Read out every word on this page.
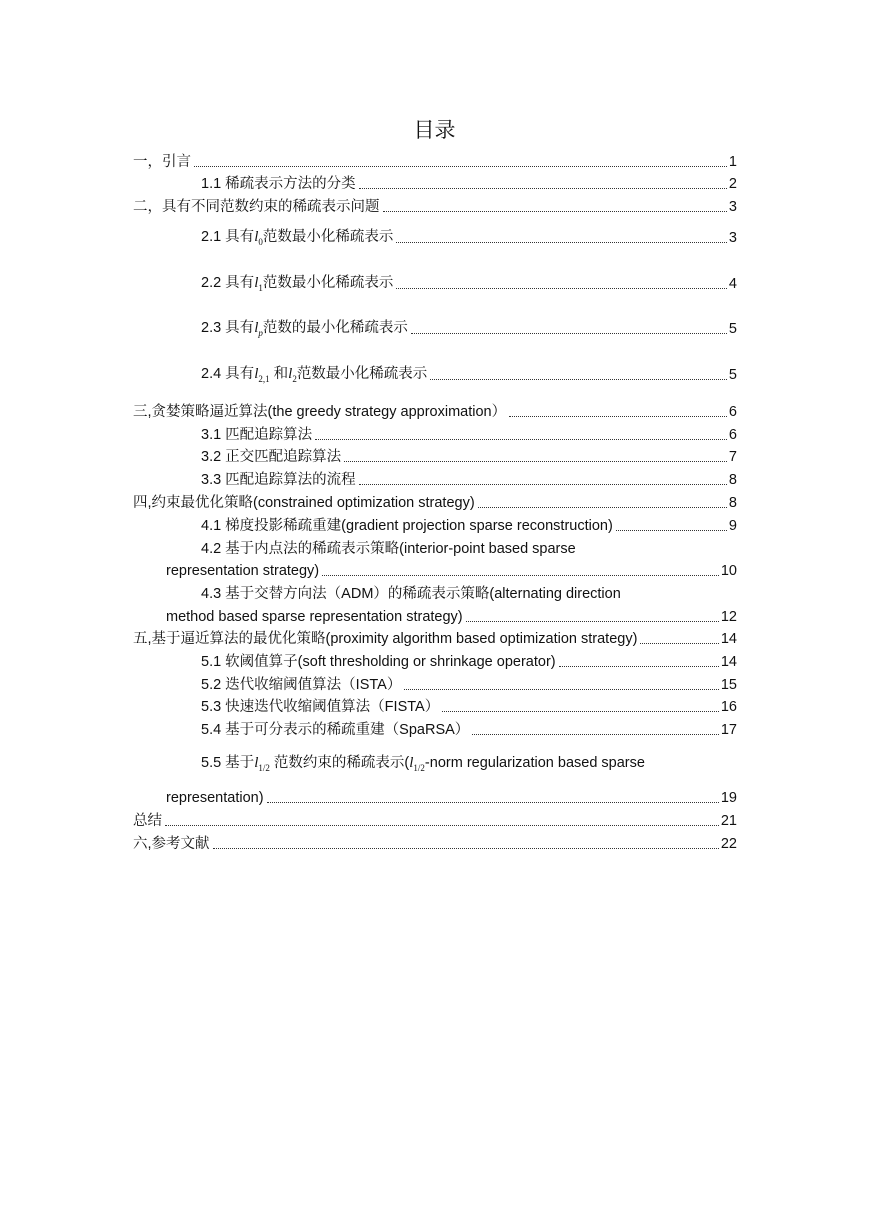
目录
一，引言	1
1.1 稀疏表示方法的分类	2
二，具有不同范数约束的稀疏表示问题	3
2.1 具有$l_0$范数最小化稀疏表示	3
2.2 具有$l_1$范数最小化稀疏表示	4
2.3 具有$l_p$范数的最小化稀疏表示	5
2.4 具有$l_{2,1}$ 和$l_2$范数最小化稀疏表示	5
三,贪婪策略逼近算法(the greedy strategy approximation）	6
3.1 匹配追踪算法	6
3.2 正交匹配追踪算法	7
3.3 匹配追踪算法的流程	8
四,约束最优化策略(constrained optimization strategy)	8
4.1 梯度投影稀疏重建(gradient projection sparse reconstruction)	9
4.2 基于内点法的稀疏表示策略(interior-point based sparse
representation strategy)	10
4.3 基于交替方向法（ADM）的稀疏表示策略(alternating direction
method based sparse representation strategy)	12
五,基于逼近算法的最优化策略(proximity algorithm based optimization strategy)	14
5.1 软阈值算子(soft thresholding or shrinkage operator)	14
5.2 迭代收缩阈值算法（ISTA）	15
5.3 快速迭代收缩阈值算法（FISTA）	16
5.4 基于可分表示的稀疏重建（SpaRSA）	17
5.5 基于$l_{1/2}$ 范数约束的稀疏表示($l_{1/2}$-norm regularization based sparse
representation)	19
总结	21
六,参考文献	22
